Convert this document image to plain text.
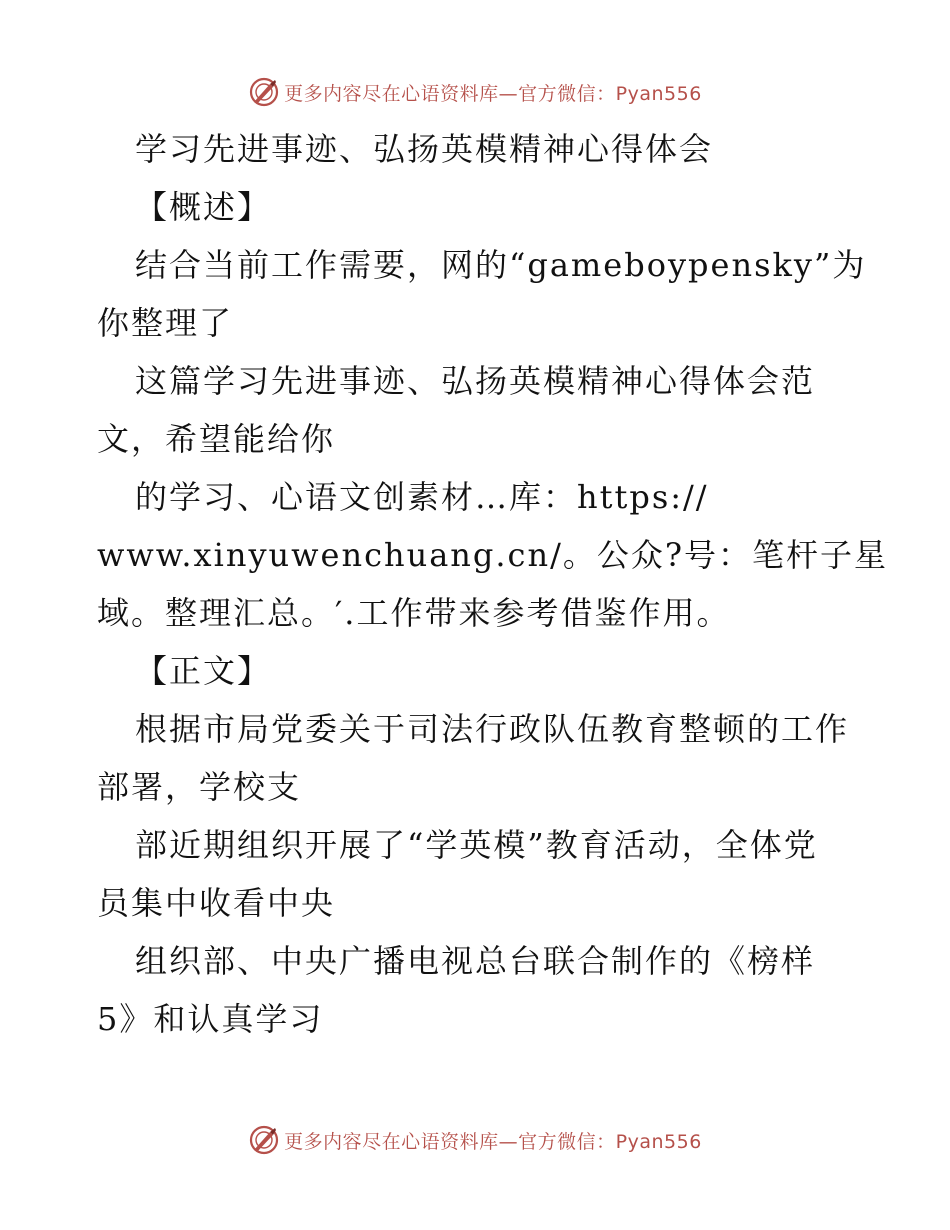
更多内容尽在心语资料库—官方微信：Pyan556
学习先进事迹、弘扬英模精神心得体会
【概述】
结合当前工作需要，网的“gameboypensky”为
你整理了
这篇学习先进事迹、弘扬英模精神心得体会范
文，希望能给你
的学习、心语文创素材…库：https://
www.xinyuwenchuang.cn/。公众?号：笔杆子星
域。整理汇总。′.工作带来参考借鉴作用。
【正文】
根据市局党委关于司法行政队伍教育整顿的工作
部署，学校支
部近期组织开展了“学英模”教育活动，全体党
员集中收看中央
组织部、中央广播电视总台联合制作的《榜样
5》和认真学习
更多内容尽在心语资料库—官方微信：Pyan556
